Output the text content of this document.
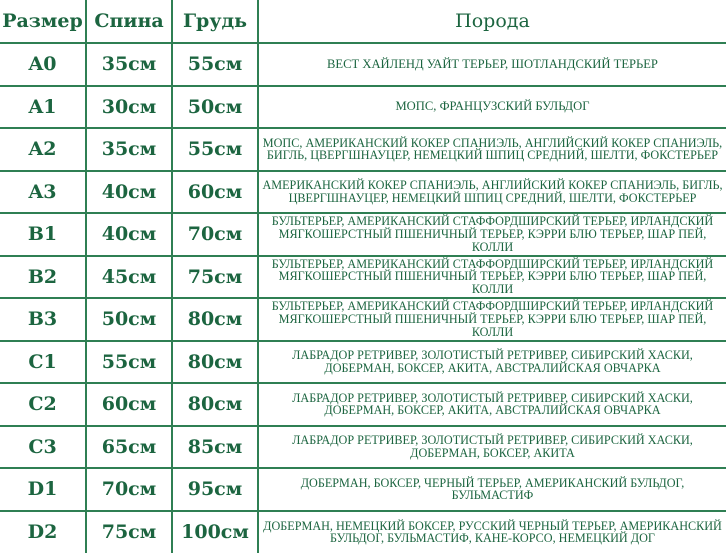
Размер	Спина	Грудь	Порода
A0	35см	55см	ВЕСТ ХАЙЛЕНД УАЙТ ТЕРЬЕР, ШОТЛАНДСКИЙ ТЕРЬЕР
A1	30см	50см	МОПС, ФРАНЦУЗСКИЙ БУЛЬДОГ
A2	35см	55см	МОПС, АМЕРИКАНСКИЙ КОКЕР СПАНИЭЛЬ, АНГЛИЙСКИЙ КОКЕР СПАНИЭЛЬ, БИГЛЬ, ЦВЕРГШНАУЦЕР, НЕМЕЦКИЙ ШПИЦ СРЕДНИЙ, ШЕЛТИ, ФОКСТЕРЬЕР
A3	40см	60см	АМЕРИКАНСКИЙ КОКЕР СПАНИЭЛЬ, АНГЛИЙСКИЙ КОКЕР СПАНИЭЛЬ, БИГЛЬ, ЦВЕРГШНАУЦЕР, НЕМЕЦКИЙ ШПИЦ СРЕДНИЙ, ШЕЛТИ, ФОКСТЕРЬЕР
B1	40см	70см	БУЛЬТЕРЬЕР, АМЕРИКАНСКИЙ СТАФФОРДШИРСКИЙ ТЕРЬЕР, ИРЛАНДСКИЙ МЯГКОШЕРСТНЫЙ ПШЕНИЧНЫЙ ТЕРЬЕР, КЭРРИ БЛЮ ТЕРЬЕР, ШАР ПЕЙ, КОЛЛИ
B2	45см	75см	БУЛЬТЕРЬЕР, АМЕРИКАНСКИЙ СТАФФОРДШИРСКИЙ ТЕРЬЕР, ИРЛАНДСКИЙ МЯГКОШЕРСТНЫЙ ПШЕНИЧНЫЙ ТЕРЬЕР, КЭРРИ БЛЮ ТЕРЬЕР, ШАР ПЕЙ, КОЛЛИ
B3	50см	80см	БУЛЬТЕРЬЕР, АМЕРИКАНСКИЙ СТАФФОРДШИРСКИЙ ТЕРЬЕР, ИРЛАНДСКИЙ МЯГКОШЕРСТНЫЙ ПШЕНИЧНЫЙ ТЕРЬЕР, КЭРРИ БЛЮ ТЕРЬЕР, ШАР ПЕЙ, КОЛЛИ
C1	55см	80см	ЛАБРАДОР РЕТРИВЕР, ЗОЛОТИСТЫЙ РЕТРИВЕР, СИБИРСКИЙ ХАСКИ, ДОБЕРМАН, БОКСЕР, АКИТА, АВСТРАЛИЙСКАЯ ОВЧАРКА
C2	60см	80см	ЛАБРАДОР РЕТРИВЕР, ЗОЛОТИСТЫЙ РЕТРИВЕР, СИБИРСКИЙ ХАСКИ, ДОБЕРМАН, БОКСЕР, АКИТА, АВСТРАЛИЙСКАЯ ОВЧАРКА
C3	65см	85см	ЛАБРАДОР РЕТРИВЕР, ЗОЛОТИСТЫЙ РЕТРИВЕР, СИБИРСКИЙ ХАСКИ, ДОБЕРМАН, БОКСЕР, АКИТА
D1	70см	95см	ДОБЕРМАН, БОКСЕР, ЧЕРНЫЙ ТЕРЬЕР, АМЕРИКАНСКИЙ БУЛЬДОГ, БУЛЬМАСТИФ
D2	75см	100см	ДОБЕРМАН, НЕМЕЦКИЙ БОКСЕР, РУССКИЙ ЧЕРНЫЙ ТЕРЬЕР, АМЕРИКАНСКИЙ БУЛЬДОГ, БУЛЬМАСТИФ, КАНЕ-КОРСО, НЕМЕЦКИЙ ДОГ
